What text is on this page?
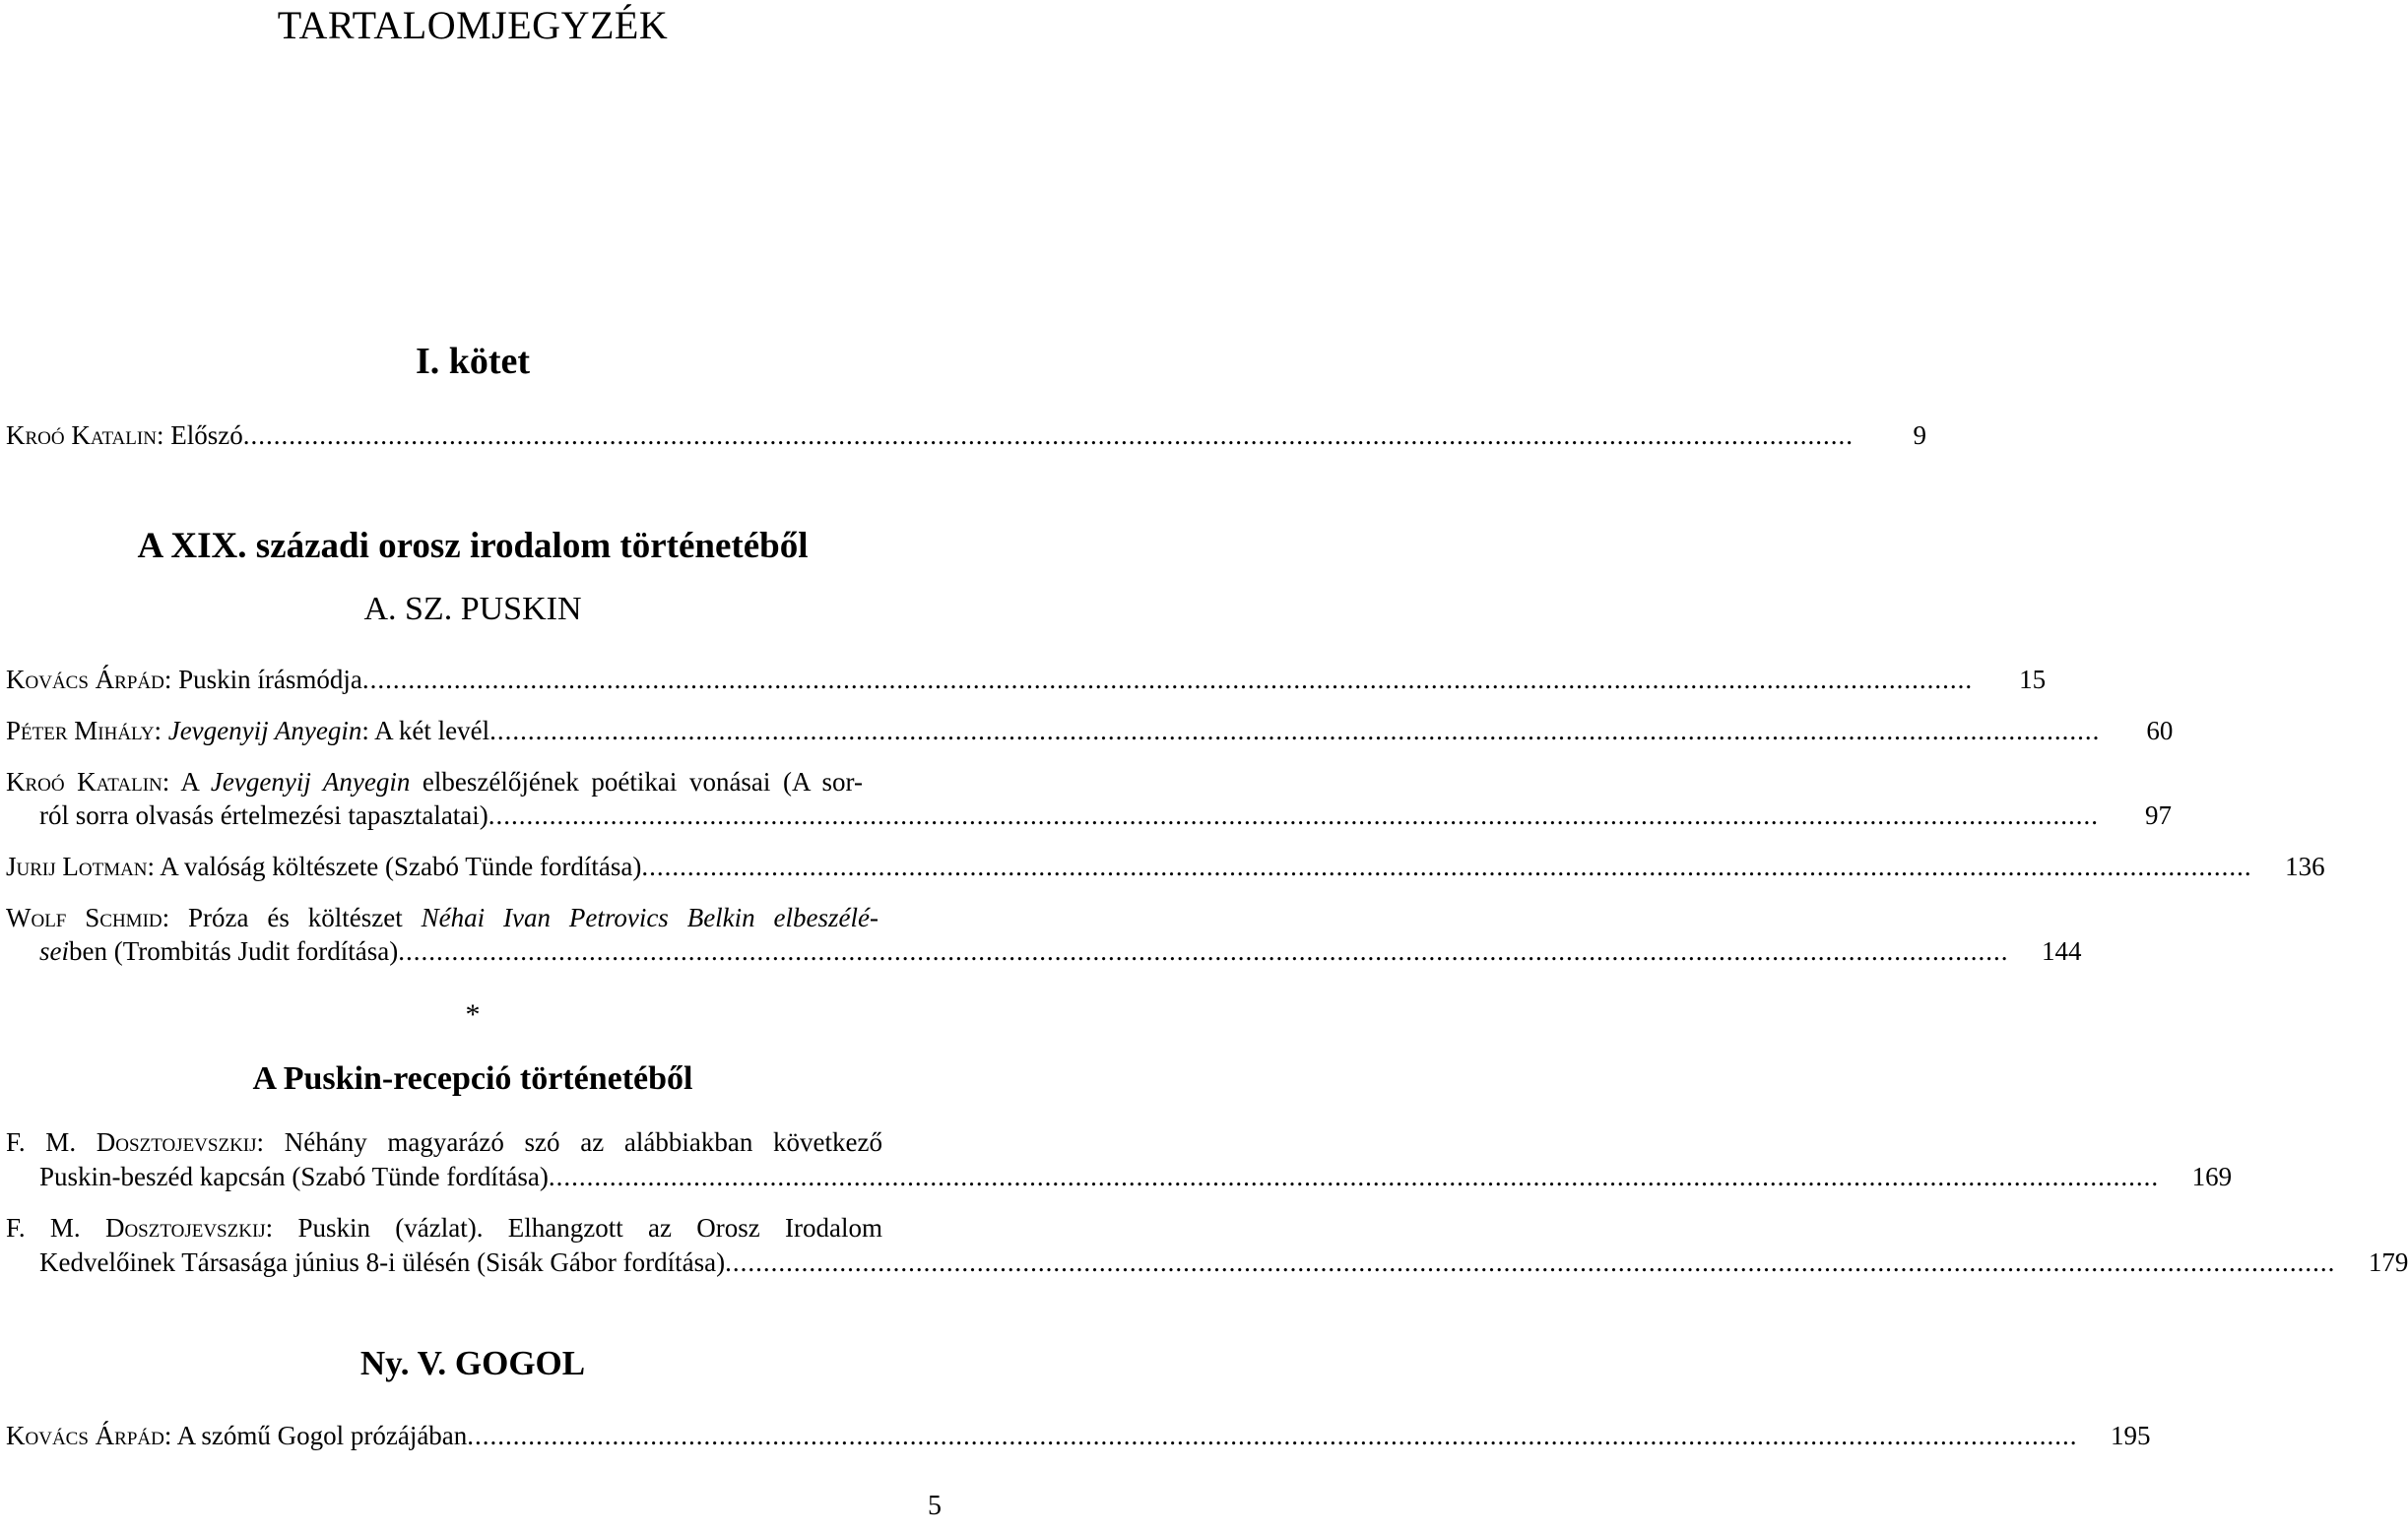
TARTALOMJEGYZÉK
I. kötet
Kroó Katalin: Előszó .....	9
A XIX. századi orosz irodalom történetéből
A. SZ. PUSKIN
Kovács Árpád: Puskin írásmódja .....	15
Péter Mihály: Jevgenyij Anyegin: A két levél .....	60
Kroó Katalin: A Jevgenyij Anyegin elbeszélőjének poétikai vonásai (A sor-
ról sorra olvasás értelmezési tapasztalatai) .....	97
Jurij Lotman: A valóság költészete (Szabó Tünde fordítása) .....	136
Wolf Schmid: Próza és költészet Néhai Ivan Petrovics Belkin elbeszélé-
seiben (Trombitás Judit fordítása) .....	144
*
A Puskin-recepció történetéből
F. M. Dosztojevszkij: Néhány magyarázó szó az alábbiakban következő
Puskin-beszéd kapcsán (Szabó Tünde fordítása) .....	169
F. M. Dosztojevszkij: Puskin (vázlat). Elhangzott az Orosz Irodalom
Kedvelőinek Társasága június 8-i ülésén (Sisák Gábor fordítása) .....	179
Ny. V. GOGOL
Kovács Árpád: A szómű Gogol prózájában .....	195
5
